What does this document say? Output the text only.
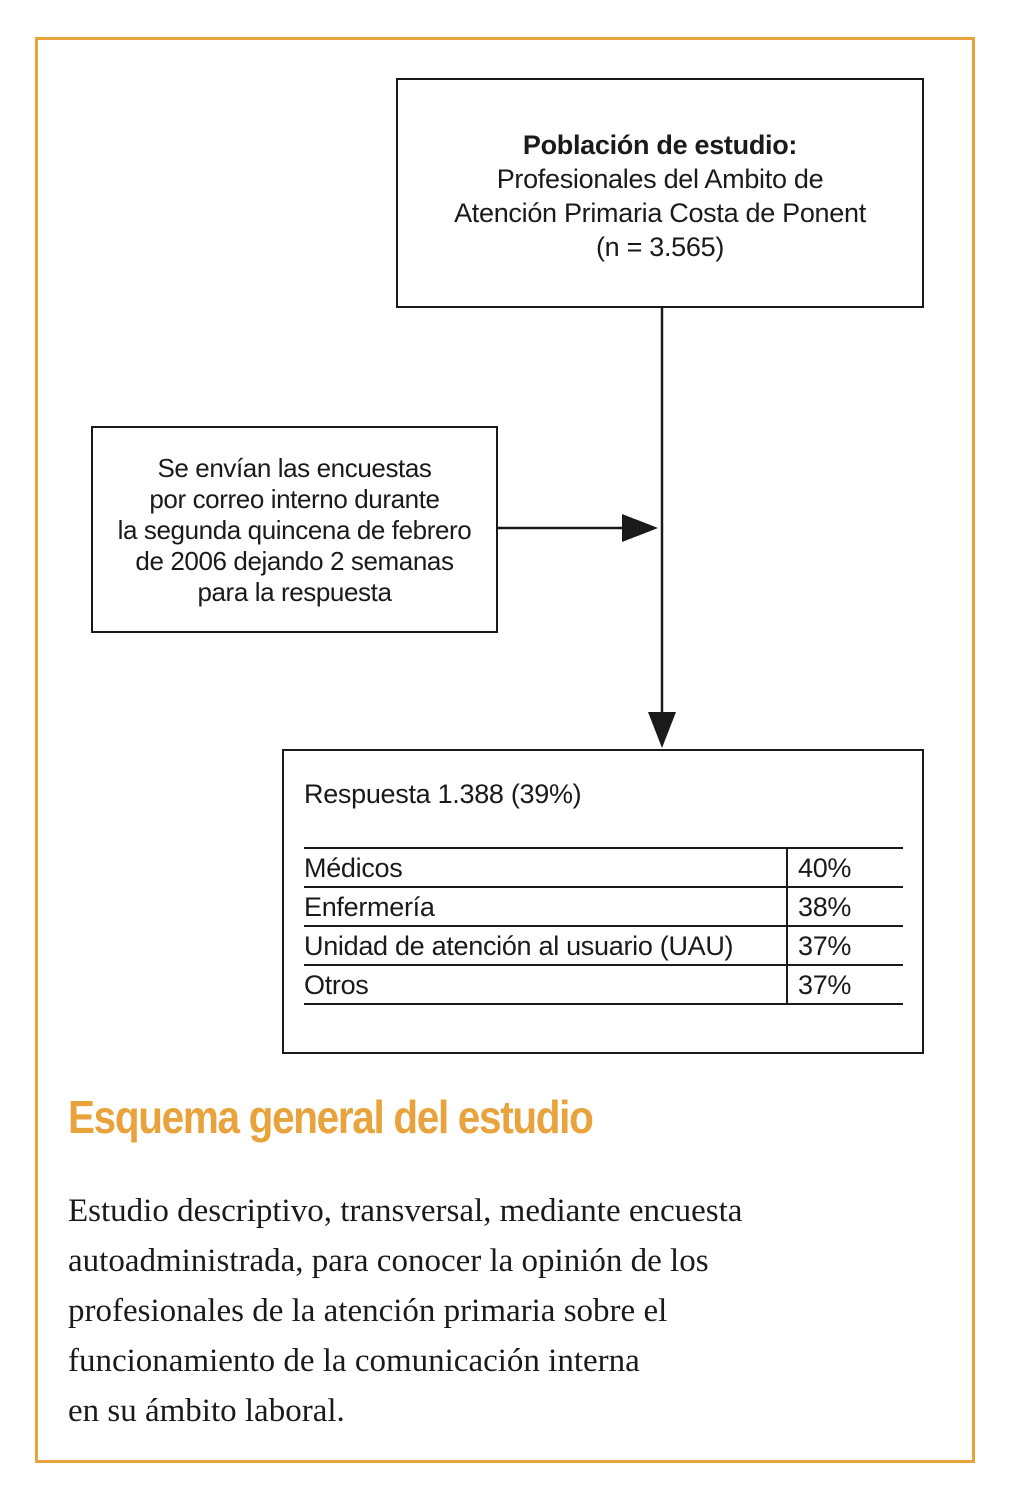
Población de estudio:
Profesionales del Ambito de
Atención Primaria Costa de Ponent
(n = 3.565)
Se envían las encuestas
por correo interno durante
la segunda quincena de febrero
de 2006 dejando 2 semanas
para la respuesta
Respuesta 1.388 (39%)
Médicos	40%
Enfermería	38%
Unidad de atención al usuario (UAU)	37%
Otros	37%
Esquema general del estudio
Estudio descriptivo, transversal, mediante encuesta
autoadministrada, para conocer la opinión de los
profesionales de la atención primaria sobre el
funcionamiento de la comunicación interna
en su ámbito laboral.
